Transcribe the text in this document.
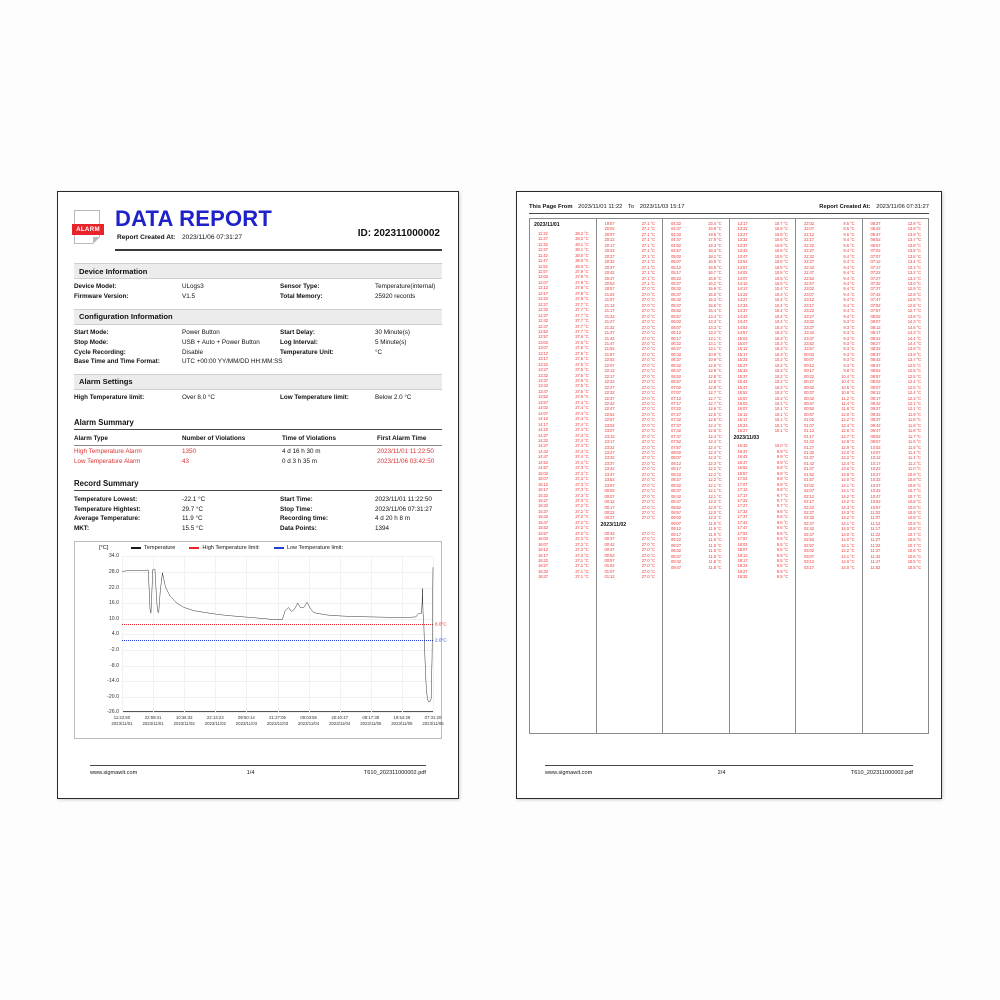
ALARM DATA REPORT
Report Created At: 2023/11/06 07:31:27	ID: 202311000002
Device Information
Device Model:	ULogs3	Sensor Type:	Temperature(internal)
Firmware Version:	V1.5	Total Memory:	25920 records
Configuration Information
Start Mode:	Power Button	Start Delay:	30 Minute(s)
Stop Mode:	USB + Auto + Power Button	Log Interval:	5 Minute(s)
Cycle Recording:	Disable	Temperature Unit:	°C
Base Time and Time Format:	UTC +00:00 YY/MM/DD HH:MM:SS		
Alarm Settings
High Temperature limit:	Over 8.0 °C	Low Temperature limit:	Below 2.0 °C
Alarm Summary
Alarm Type	Number of Violations	Time of Violations	First Alarm Time
High Temperature Alarm	1350	4 d 16 h 30 m	2023/11/01 11:22:50
Low Temperature Alarm	43	0 d 3 h 35 m	2023/11/06 03:42:50
Record Summary
Temperature Lowest:	-22.1 °C	Start Time:	2023/11/01 11:22:50
Temperature Hightest:	29.7 °C	Stop Time:	2023/11/06 07:31:27
Average Temperature:	11.9 °C	Recording time:	4 d 20 h 8 m
MKT:	15.5 °C	Data Points:	1394
[°C]	Temperature	High Temperature limit:	Low Temperature limit:
34.0
28.0
22.0
16.0
10.0
4.0
-2.0
-8.0
-14.0
-20.0
-26.0
11:22:50
2023/11/01
22:59:41
2023/11/01
10:36:32
2023/11/02
22:13:23
2023/11/02
09:50:14
2023/11/03
21:27:05
2023/11/03
09:03:56
2023/11/04
20:40:47
2023/11/04
08:17:38
2023/11/05
19:54:29
2023/11/05
07:31:20
2023/11/06
8.0°C
2.0°C
www.sigmawit.com	1/4	T610_202311000002.pdf
This Page From 2023/11/01 11:22 To 2023/11/03 15:17	Report Created At: 2023/11/06 07:31:27
2023/11/01
11:22	28.3 °C
11:27	28.2 °C
11:32	28.1 °C
11:37	28.1 °C
11:42	28.0 °C
11:47	28.0 °C
11:52	28.0 °C
11:57	27.9 °C
12:02	27.9 °C
12:07	27.9 °C
12:12	27.8 °C
12:17	27.8 °C
12:22	27.8 °C
12:27	27.7 °C
12:32	27.7 °C
12:37	27.7 °C
12:42	27.7 °C
12:47	27.7 °C
12:52	27.7 °C
12:57	27.6 °C
13:02	27.6 °C
13:07	27.6 °C
13:12	27.6 °C
13:17	27.6 °C
13:22	27.5 °C
13:27	27.5 °C
13:32	27.5 °C
13:37	27.5 °C
13:42	27.5 °C
13:47	27.5 °C
13:52	27.5 °C
13:57	27.4 °C
14:02	27.4 °C
14:07	27.4 °C
14:12	27.4 °C
14:17	27.4 °C
14:22	27.4 °C
14:27	27.4 °C
14:32	27.4 °C
14:37	27.4 °C
14:42	27.4 °C
14:47	27.4 °C
14:52	27.4 °C
14:57	27.3 °C
15:02	27.3 °C
15:07	27.3 °C
15:12	27.3 °C
15:17	27.3 °C
15:22	27.3 °C
15:27	27.3 °C
15:32	27.2 °C
15:37	27.2 °C
15:42	27.2 °C
15:47	27.2 °C
15:52	27.2 °C
15:57	27.2 °C
16:02	27.2 °C
16:07	27.2 °C
16:12	27.2 °C
16:17	27.2 °C
16:22	27.1 °C
16:27	27.1 °C
16:32	27.1 °C
16:37	27.1 °C
19:57	27.1 °C
20:02	27.1 °C
20:07	27.1 °C
20:12	27.1 °C
20:17	27.1 °C
20:22	27.1 °C
20:27	27.1 °C
20:32	27.1 °C
20:37	27.1 °C
20:42	27.1 °C
20:47	27.1 °C
20:52	27.1 °C
20:57	27.0 °C
21:02	27.0 °C
21:07	27.0 °C
21:12	27.0 °C
21:17	27.0 °C
21:22	27.0 °C
21:27	27.0 °C
21:32	27.0 °C
21:37	27.0 °C
21:42	27.0 °C
21:47	27.0 °C
21:52	27.0 °C
21:57	27.0 °C
22:02	27.0 °C
22:07	27.0 °C
22:12	27.0 °C
22:17	27.0 °C
22:22	27.0 °C
22:27	27.0 °C
22:32	27.0 °C
22:37	27.0 °C
22:42	27.0 °C
22:47	27.0 °C
22:52	27.0 °C
22:57	27.0 °C
23:02	27.0 °C
23:07	27.0 °C
23:12	27.0 °C
23:17	27.0 °C
23:22	27.0 °C
23:27	27.0 °C
23:32	27.0 °C
23:37	27.0 °C
23:42	27.0 °C
23:47	27.0 °C
23:52	27.0 °C
23:57	27.0 °C
00:02	27.0 °C
00:07	27.0 °C
00:12	27.0 °C
00:17	27.0 °C
00:22	27.0 °C
00:27	27.0 °C
2023/11/02
00:32	27.0 °C
00:37	27.0 °C
00:42	27.0 °C
00:47	27.0 °C
00:52	27.0 °C
00:57	27.0 °C
01:02	27.0 °C
01:07	27.0 °C
01:12	27.0 °C
04:32	23.4 °C
04:37	19.9 °C
04:42	19.5 °C
04:47	17.9 °C
04:52	18.3 °C
04:57	18.3 °C
05:02	18.1 °C
05:07	16.9 °C
05:12	16.5 °C
05:17	16.7 °C
05:22	16.5 °C
05:27	16.2 °C
05:32	15.9 °C
05:37	15.5 °C
05:42	15.3 °C
05:47	15.6 °C
05:52	15.4 °C
05:57	13.4 °C
06:02	13.3 °C
06:07	13.3 °C
06:12	13.2 °C
06:17	13.1 °C
06:22	13.1 °C
06:27	13.1 °C
06:32	10.9 °C
06:37	10.9 °C
06:42	12.9 °C
06:47	12.9 °C
06:52	12.8 °C
06:57	12.8 °C
07:02	12.8 °C
07:07	12.7 °C
07:12	12.7 °C
07:17	12.7 °C
07:22	12.6 °C
07:27	12.6 °C
07:32	12.5 °C
07:37	12.4 °C
07:42	12.6 °C
07:47	12.4 °C
07:52	12.4 °C
07:57	12.4 °C
08:02	12.3 °C
08:07	12.3 °C
08:12	12.3 °C
08:17	12.2 °C
08:22	12.2 °C
08:27	12.2 °C
08:32	12.1 °C
08:37	12.1 °C
08:42	12.1 °C
08:47	12.0 °C
08:52	12.0 °C
08:57	12.0 °C
09:02	12.0 °C
09:07	11.9 °C
09:12	11.9 °C
09:17	11.9 °C
09:22	11.9 °C
09:27	11.8 °C
09:32	11.8 °C
09:37	11.8 °C
09:42	11.8 °C
09:47	11.8 °C
13:17	10.7 °C
13:22	10.6 °C
13:27	10.6 °C
13:32	10.6 °C
13:37	10.6 °C
13:42	10.5 °C
13:47	10.5 °C
13:52	10.5 °C
13:57	10.5 °C
14:02	10.5 °C
14:07	10.5 °C
14:12	10.5 °C
14:17	10.4 °C
14:22	10.4 °C
14:27	10.4 °C
14:32	10.4 °C
14:37	10.4 °C
14:42	10.4 °C
14:47	10.4 °C
14:52	10.3 °C
14:57	10.3 °C
15:02	10.3 °C
15:07	10.3 °C
15:12	10.3 °C
15:17	10.3 °C
15:22	10.2 °C
15:27	10.2 °C
15:32	10.2 °C
15:37	10.2 °C
15:42	10.2 °C
15:47	10.2 °C
15:52	10.2 °C
15:57	10.2 °C
16:02	10.1 °C
16:07	10.1 °C
16:12	10.1 °C
16:17	10.1 °C
16:22	10.1 °C
16:27	10.1 °C
2023/11/03
16:32	10.0 °C
16:37	9.9 °C
16:42	9.9 °C
16:47	9.9 °C
16:52	9.8 °C
16:57	9.8 °C
17:02	9.8 °C
17:07	9.8 °C
17:12	9.8 °C
17:17	9.7 °C
17:22	9.7 °C
17:27	9.7 °C
17:32	9.6 °C
17:37	9.6 °C
17:42	9.6 °C
17:47	9.6 °C
17:52	9.6 °C
17:57	9.5 °C
18:02	9.5 °C
18:07	9.5 °C
18:12	9.5 °C
18:17	9.5 °C
18:22	9.5 °C
18:27	9.5 °C
18:32	9.5 °C
22:02	9.5 °C
22:07	9.5 °C
22:12	9.5 °C
22:17	9.4 °C
22:22	9.5 °C
22:27	9.4 °C
22:32	9.4 °C
22:37	9.4 °C
22:42	9.4 °C
22:47	9.4 °C
22:52	9.4 °C
22:57	9.4 °C
23:02	9.4 °C
23:07	9.4 °C
23:12	9.4 °C
23:17	9.4 °C
23:22	9.4 °C
23:27	9.4 °C
23:32	9.3 °C
23:37	9.3 °C
23:42	9.3 °C
23:47	9.3 °C
23:52	9.3 °C
23:57	9.3 °C
00:02	9.3 °C
00:07	9.3 °C
00:12	9.3 °C
00:17	9.8 °C
00:22	10.4 °C
00:27	10.4 °C
00:32	10.5 °C
00:37	10.8 °C
00:42	11.2 °C
00:47	11.4 °C
00:52	11.8 °C
00:57	12.0 °C
01:02	12.2 °C
01:07	12.4 °C
01:12	12.6 °C
01:17	12.7 °C
01:22	12.8 °C
01:27	12.9 °C
01:32	13.0 °C
01:37	13.2 °C
01:42	13.4 °C
01:47	13.6 °C
01:52	13.9 °C
01:57	14.0 °C
02:02	14.1 °C
02:07	14.1 °C
02:12	14.2 °C
02:17	14.2 °C
02:22	14.3 °C
02:27	14.3 °C
02:32	14.2 °C
02:37	14.1 °C
02:42	14.0 °C
02:47	14.0 °C
02:52	14.0 °C
02:57	14.1 °C
03:02	14.2 °C
03:07	14.1 °C
03:12	14.0 °C
03:17	14.0 °C
06:37	13.9 °C
06:42	13.9 °C
06:47	13.8 °C
06:52	13.7 °C
06:57	13.8 °C
07:02	13.8 °C
07:07	13.8 °C
07:12	13.4 °C
07:17	13.3 °C
07:22	13.2 °C
07:27	13.2 °C
07:32	13.0 °C
07:37	12.9 °C
07:42	12.8 °C
07:47	12.8 °C
07:52	12.8 °C
07:57	12.7 °C
08:02	13.8 °C
08:07	14.3 °C
08:12	14.6 °C
08:17	14.3 °C
08:22	14.4 °C
08:27	14.4 °C
08:32	13.9 °C
08:37	13.8 °C
08:42	13.7 °C
08:47	12.5 °C
08:52	12.5 °C
08:57	12.5 °C
09:02	12.4 °C
09:07	12.5 °C
09:12	12.4 °C
09:17	12.3 °C
09:22	12.1 °C
09:27	12.1 °C
09:32	11.9 °C
09:37	11.8 °C
09:42	11.8 °C
09:47	11.8 °C
09:52	11.7 °C
09:57	11.6 °C
10:02	11.5 °C
10:07	11.4 °C
10:12	11.4 °C
10:17	11.2 °C
10:22	11.0 °C
10:27	10.9 °C
10:32	10.8 °C
10:37	10.8 °C
10:42	10.7 °C
10:47	10.7 °C
10:52	10.8 °C
10:57	10.8 °C
11:02	10.9 °C
11:07	10.9 °C
11:12	10.8 °C
11:17	10.8 °C
11:22	10.7 °C
11:27	10.6 °C
11:32	10.7 °C
11:37	10.6 °C
11:42	10.6 °C
11:47	10.5 °C
11:52	10.5 °C
www.sigmawit.com	2/4	T610_202311000002.pdf
